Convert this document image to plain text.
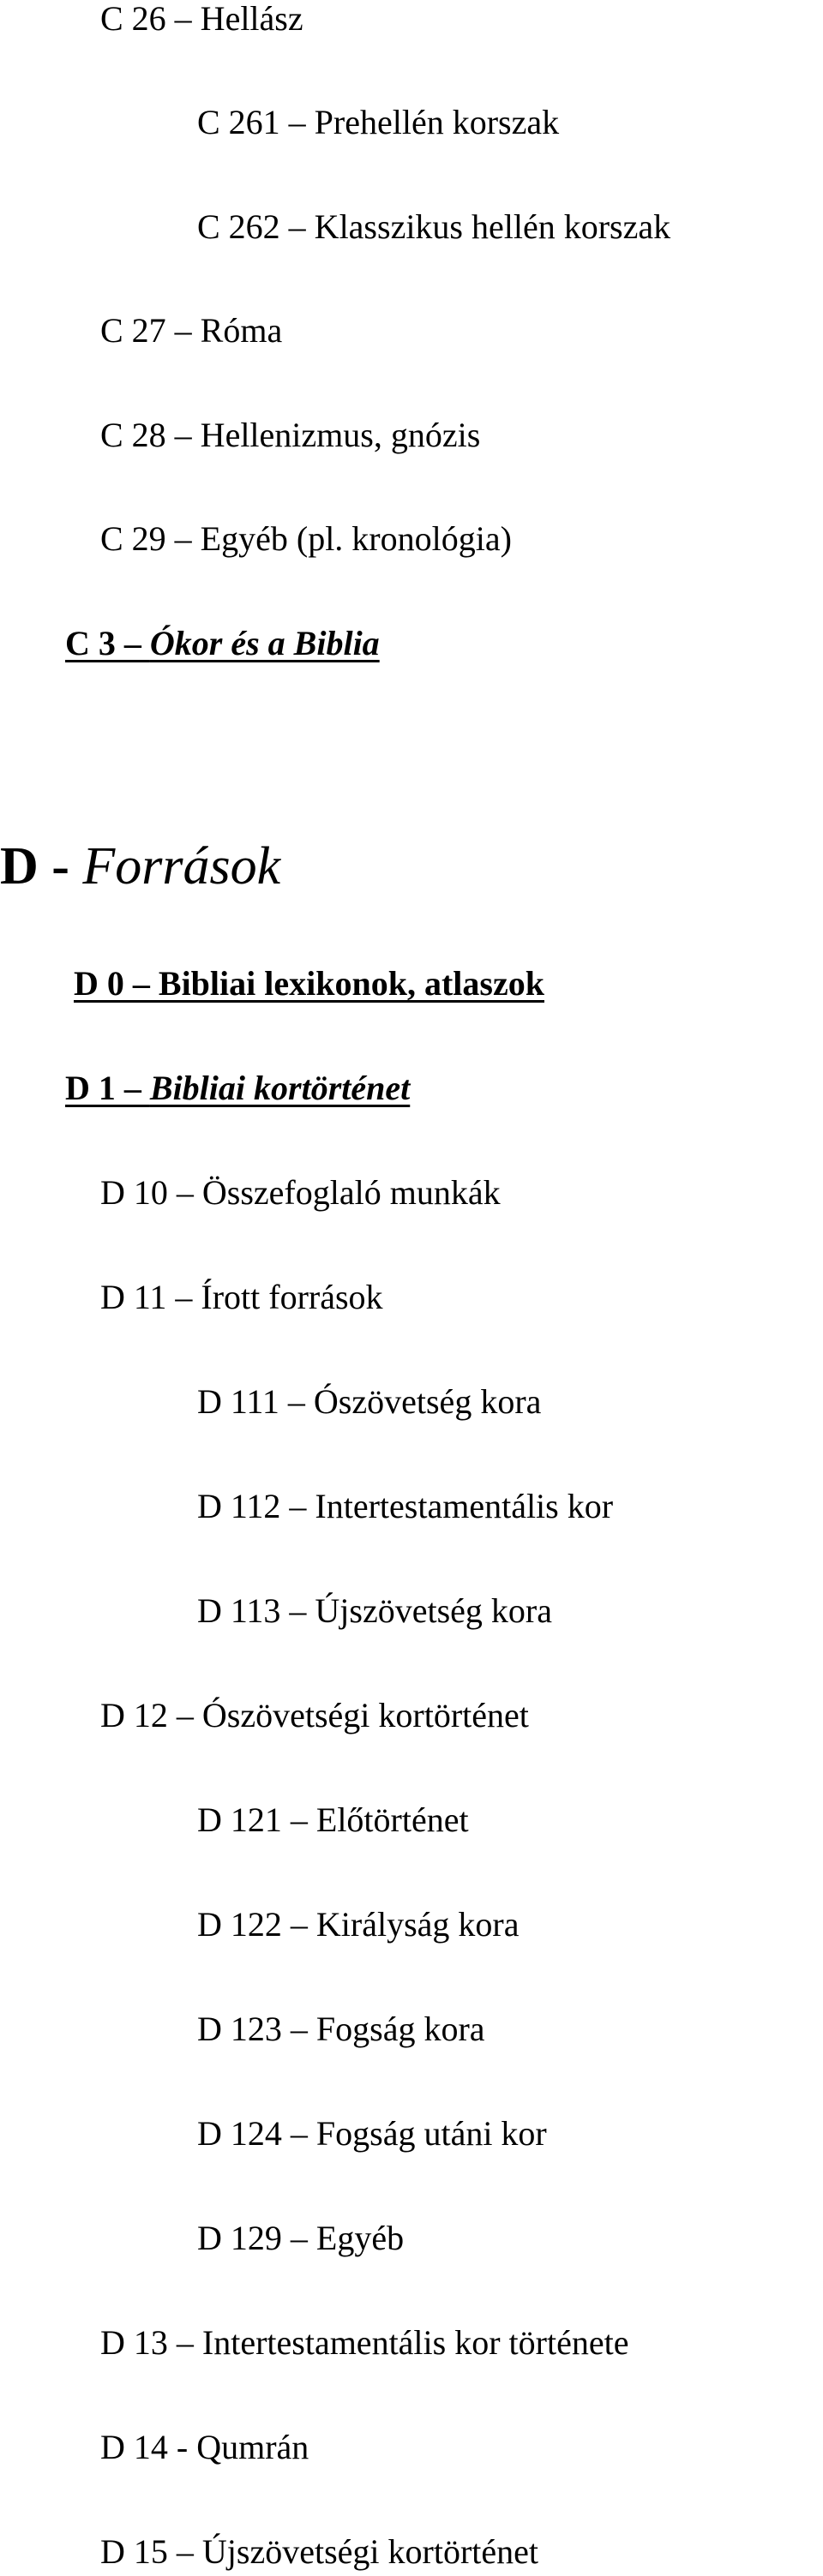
C 26 – Hellász
C 261 – Prehellén korszak
C 262 – Klasszikus hellén korszak
C 27 – Róma
C 28 – Hellenizmus, gnózis
C 29 – Egyéb (pl. kronológia)
C 3 – Ókor és a Biblia
D - Források
D 0 – Bibliai lexikonok, atlaszok
D 1 – Bibliai kortörténet
D 10 – Összefoglaló munkák
D 11 – Írott források
D 111 – Ószövetség kora
D 112 – Intertestamentális kor
D 113 – Újszövetség kora
D 12 – Ószövetségi kortörténet
D 121 – Előtörténet
D 122 – Királyság kora
D 123 – Fogság kora
D 124 – Fogság utáni kor
D 129 – Egyéb
D 13 – Intertestamentális kor története
D 14 - Qumrán
D 15 – Újszövetségi kortörténet
